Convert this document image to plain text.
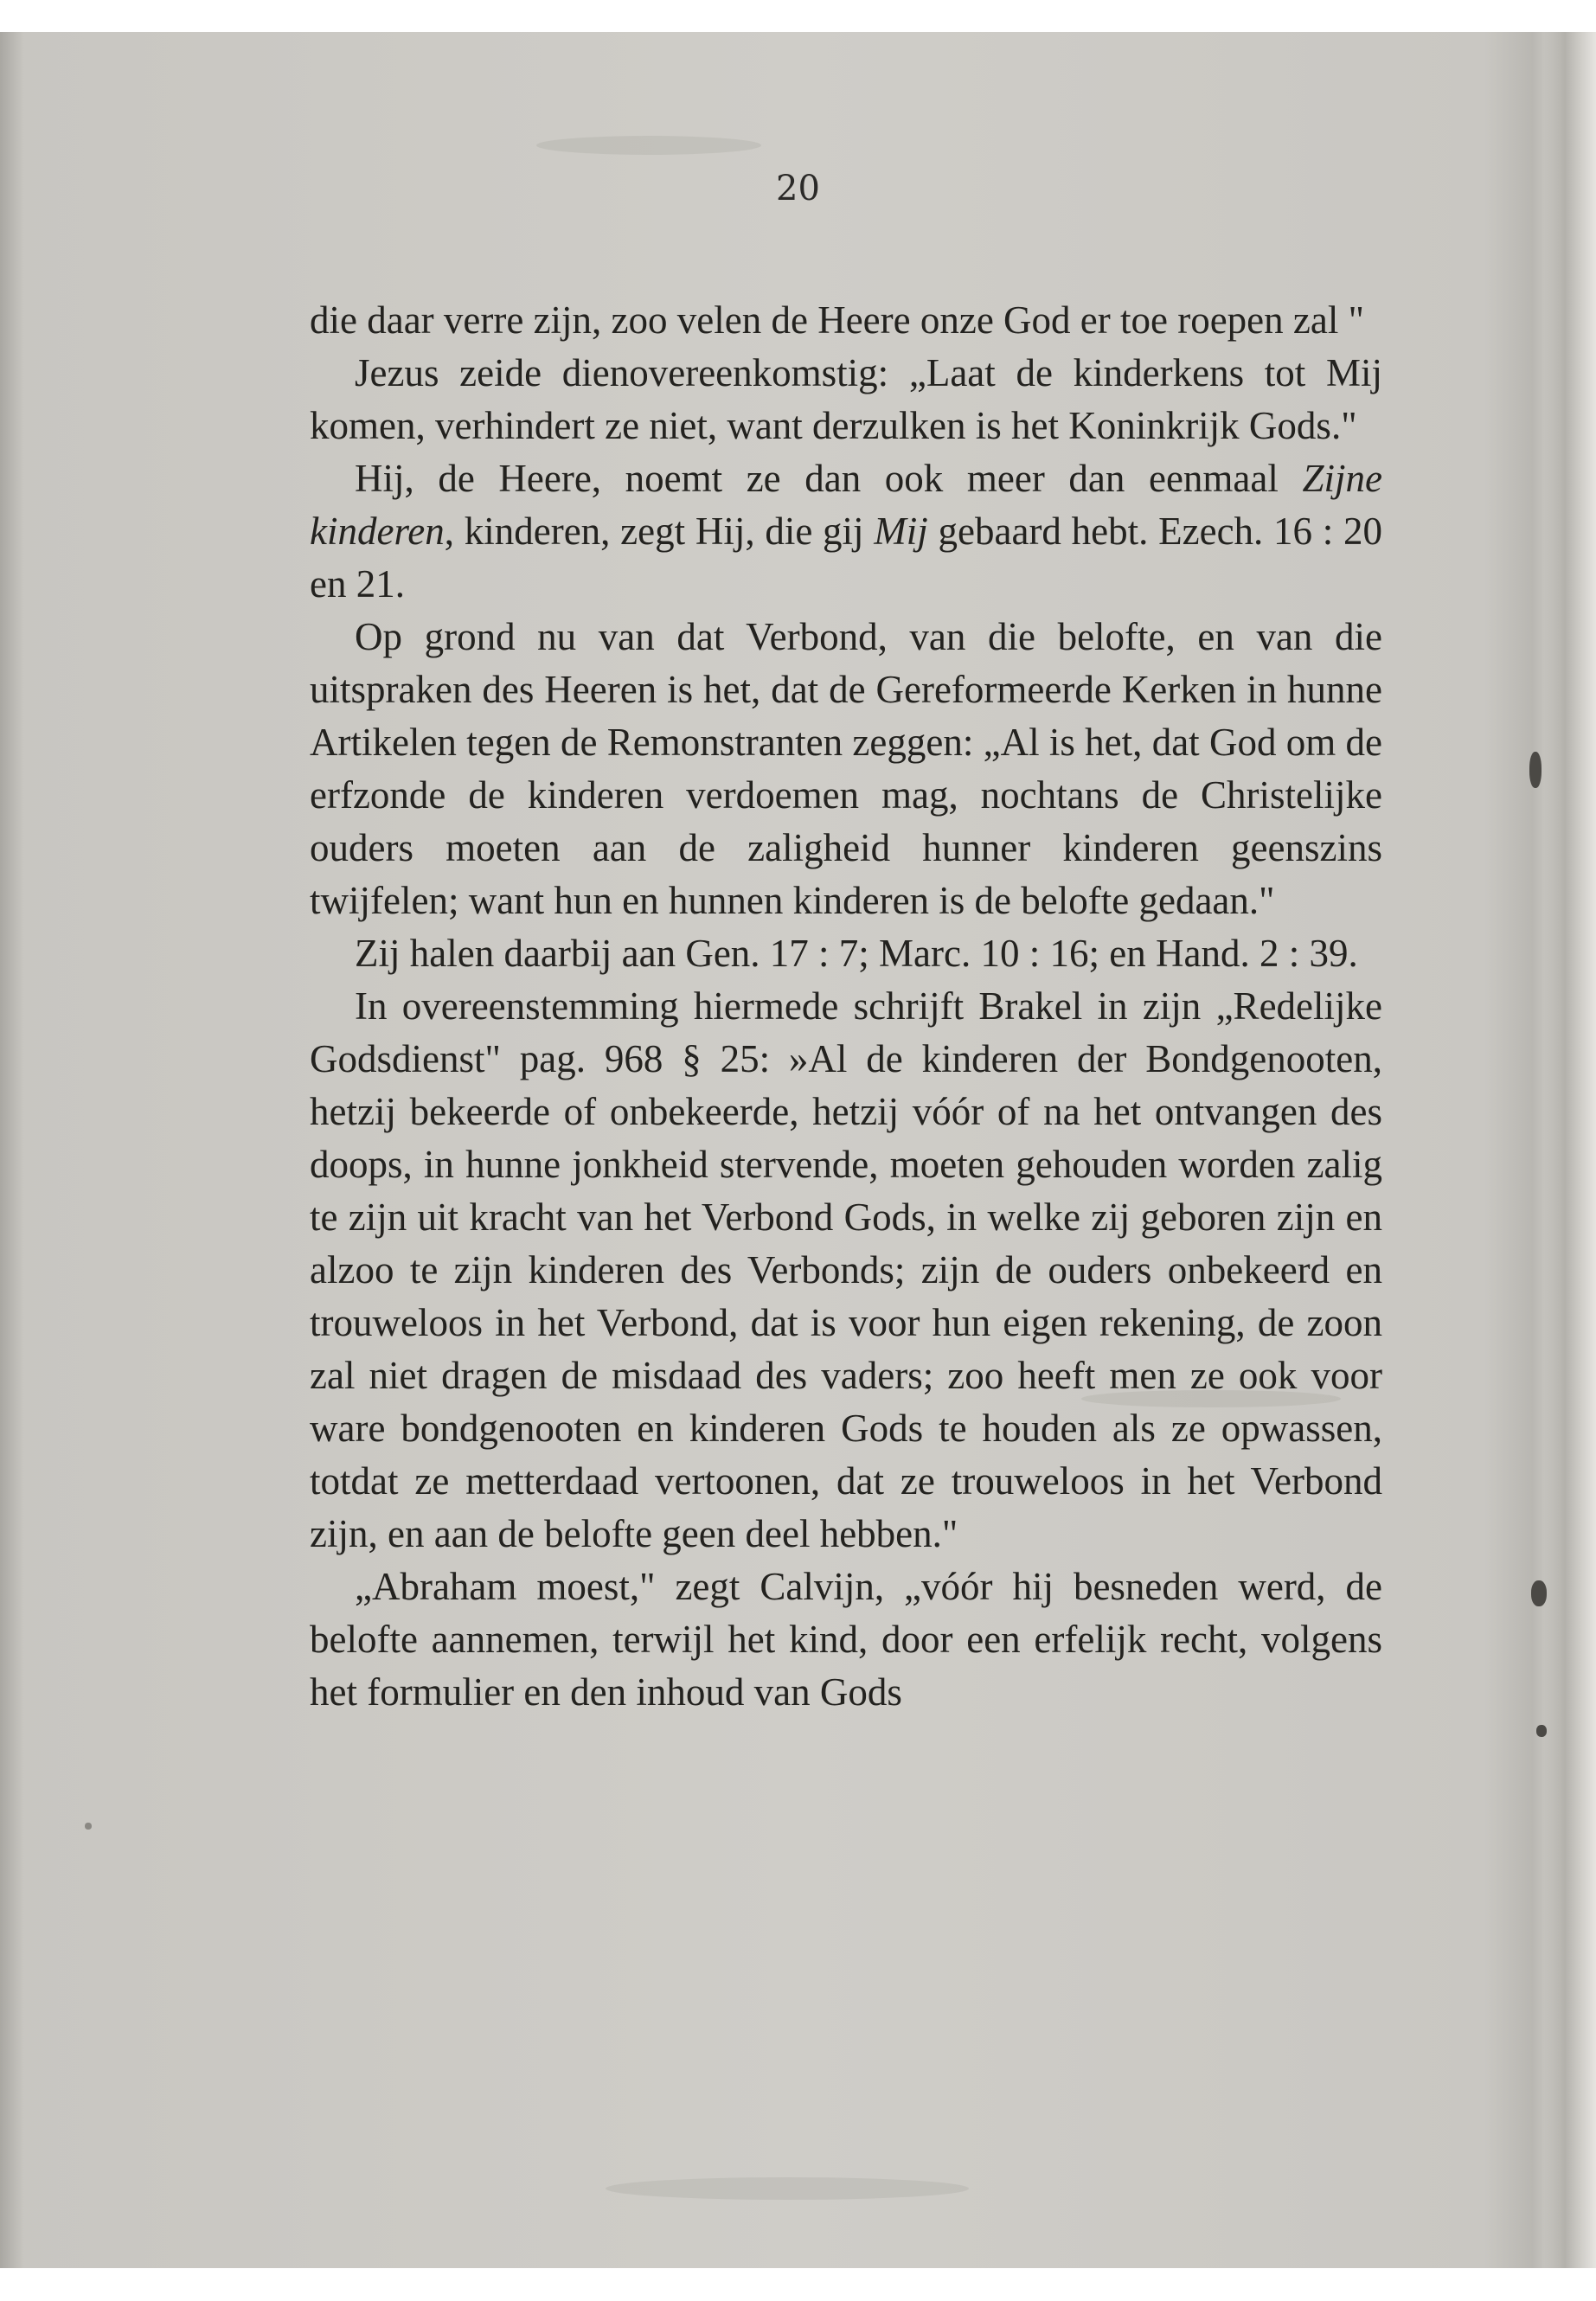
20

die daar verre zijn, zoo velen de Heere onze God er toe roepen zal "

Jezus zeide dienovereenkomstig: „Laat de kinderkens tot Mij komen, verhindert ze niet, want derzulken is het Koninkrijk Gods."

Hij, de Heere, noemt ze dan ook meer dan eenmaal Zijne kinderen, kinderen, zegt Hij, die gij Mij gebaard hebt. Ezech. 16 : 20 en 21.

Op grond nu van dat Verbond, van die belofte, en van die uitspraken des Heeren is het, dat de Gereformeerde Kerken in hunne Artikelen tegen de Remonstranten zeggen: „Al is het, dat God om de erfzonde de kinderen verdoemen mag, nochtans de Christelijke ouders moeten aan de zaligheid hunner kinderen geenszins twijfelen; want hun en hunnen kinderen is de belofte gedaan."

Zij halen daarbij aan Gen. 17 : 7; Marc. 10 : 16; en Hand. 2 : 39.

In overeenstemming hiermede schrijft Brakel in zijn „Redelijke Godsdienst" pag. 968 § 25: »Al de kinderen der Bondgenooten, hetzij bekeerde of onbekeerde, hetzij vóór of na het ontvangen des doops, in hunne jonkheid stervende, moeten gehouden worden zalig te zijn uit kracht van het Verbond Gods, in welke zij geboren zijn en alzoo te zijn kinderen des Verbonds; zijn de ouders onbekeerd en trouweloos in het Verbond, dat is voor hun eigen rekening, de zoon zal niet dragen de misdaad des vaders; zoo heeft men ze ook voor ware bondgenooten en kinderen Gods te houden als ze opwassen, totdat ze metterdaad vertoonen, dat ze trouweloos in het Verbond zijn, en aan de belofte geen deel hebben."

„Abraham moest," zegt Calvijn, „vóór hij besneden werd, de belofte aannemen, terwijl het kind, door een erfelijk recht, volgens het formulier en den inhoud van Gods
